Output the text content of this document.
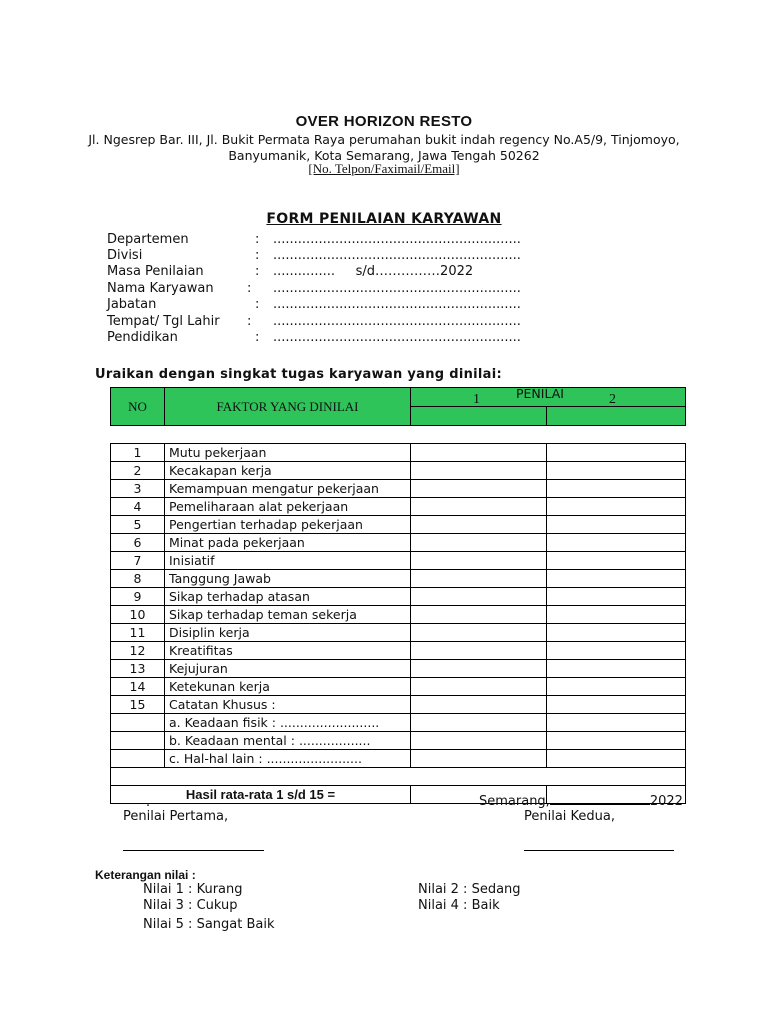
OVER HORIZON RESTO
Jl. Ngesrep Bar. III, Jl. Bukit Permata Raya perumahan bukit indah regency No.A5/9, Tinjomoyo,
Banyumanik, Kota Semarang, Jawa Tengah 50262
[No. Telpon/Faximail/Email]
FORM PENILAIAN KARYAWAN
Departemen	: ............................................................
Divisi	: ............................................................
Masa Penilaian	: ...............     s/d……………2022
Nama Karyawan	: ............................................................
Jabatan	: ............................................................
Tempat/ Tgl Lahir : ............................................................
Pendidikan	: ............................................................
Uraikan dengan singkat tugas karyawan yang dinilai:
NO	FAKTOR YANG DINILAI	PENILAI
1 2	

1	Mutu pekerjaan		
2	Kecakapan kerja		
3	Kemampuan mengatur pekerjaan		
4	Pemeliharaan alat pekerjaan		
5	Pengertian terhadap pekerjaan		
6	Minat pada pekerjaan		
7	Inisiatif		
8	Tanggung Jawab		
9	Sikap terhadap atasan		
10	Sikap terhadap teman sekerja		
11	Disiplin kerja		
12	Kreatifitas		
13	Kejujuran		
14	Ketekunan kerja		
15	Catatan Khusus :		
	a. Keadaan fisik : .........................		
	b. Keadaan mental : ..................		
	c. Hal-hal lain : ........................		

Hasil rata-rata 1 s/d 15 =			
.	Semarang,	2022
Penilai Pertama,	Penilai Kedua,
Keterangan nilai :
Nilai 1 : Kurang	Nilai 2 : Sedang
Nilai 3 : Cukup	Nilai 4 : Baik
Nilai 5 : Sangat Baik
